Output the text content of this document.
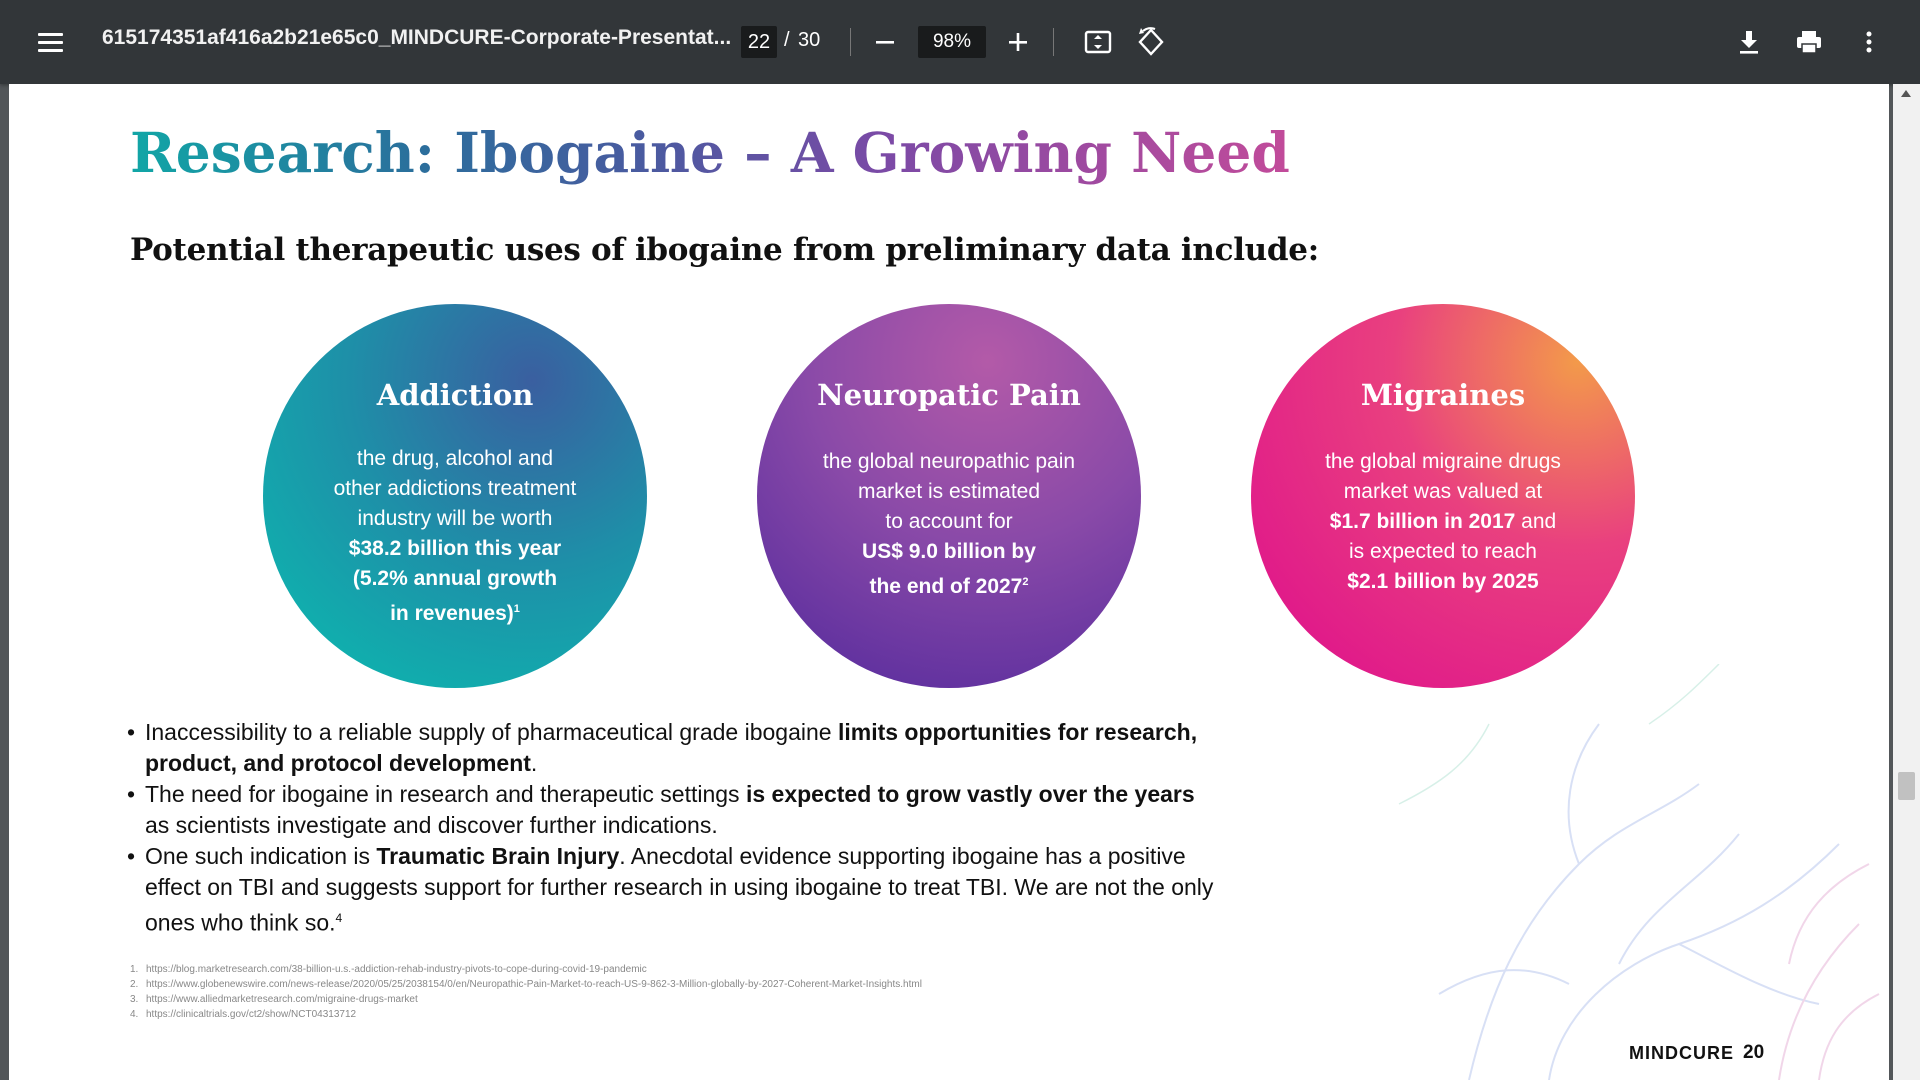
615174351af416a2b21e65c0_MINDCURE-Corporate-Presentat... 22 / 30	98%
Research: Ibogaine – A Growing Need
Potential therapeutic uses of ibogaine from preliminary data include:
Addiction
the drug, alcohol and
other addictions treatment
industry will be worth
$38.2 billion this year
(5.2% annual growth
in revenues)$^1$
Neuropatic Pain
the global neuropathic pain
market is estimated
to account for
US$ 9.0 billion by
the end of 2027$^2$
Migraines
the global migraine drugs
market was valued at
$1.7 billion in 2017 and
is expected to reach
$2.1 billion by 2025
• Inaccessibility to a reliable supply of pharmaceutical grade ibogaine limits opportunities for research, product, and protocol development.
• The need for ibogaine in research and therapeutic settings is expected to grow vastly over the years as scientists investigate and discover further indications.
• One such indication is Traumatic Brain Injury. Anecdotal evidence supporting ibogaine has a positive effect on TBI and suggests support for further research in using ibogaine to treat TBI. We are not the only ones who think so.$^4$
1. https://blog.marketresearch.com/38-billion-u.s.-addiction-rehab-industry-pivots-to-cope-during-covid-19-pandemic
2. https://www.globenewswire.com/news-release/2020/05/25/2038154/0/en/Neuropathic-Pain-Market-to-reach-US-9-862-3-Million-globally-by-2027-Coherent-Market-Insights.html
3. https://www.alliedmarketresearch.com/migraine-drugs-market
4. https://clinicaltrials.gov/ct2/show/NCT04313712
MINDCURE 20
